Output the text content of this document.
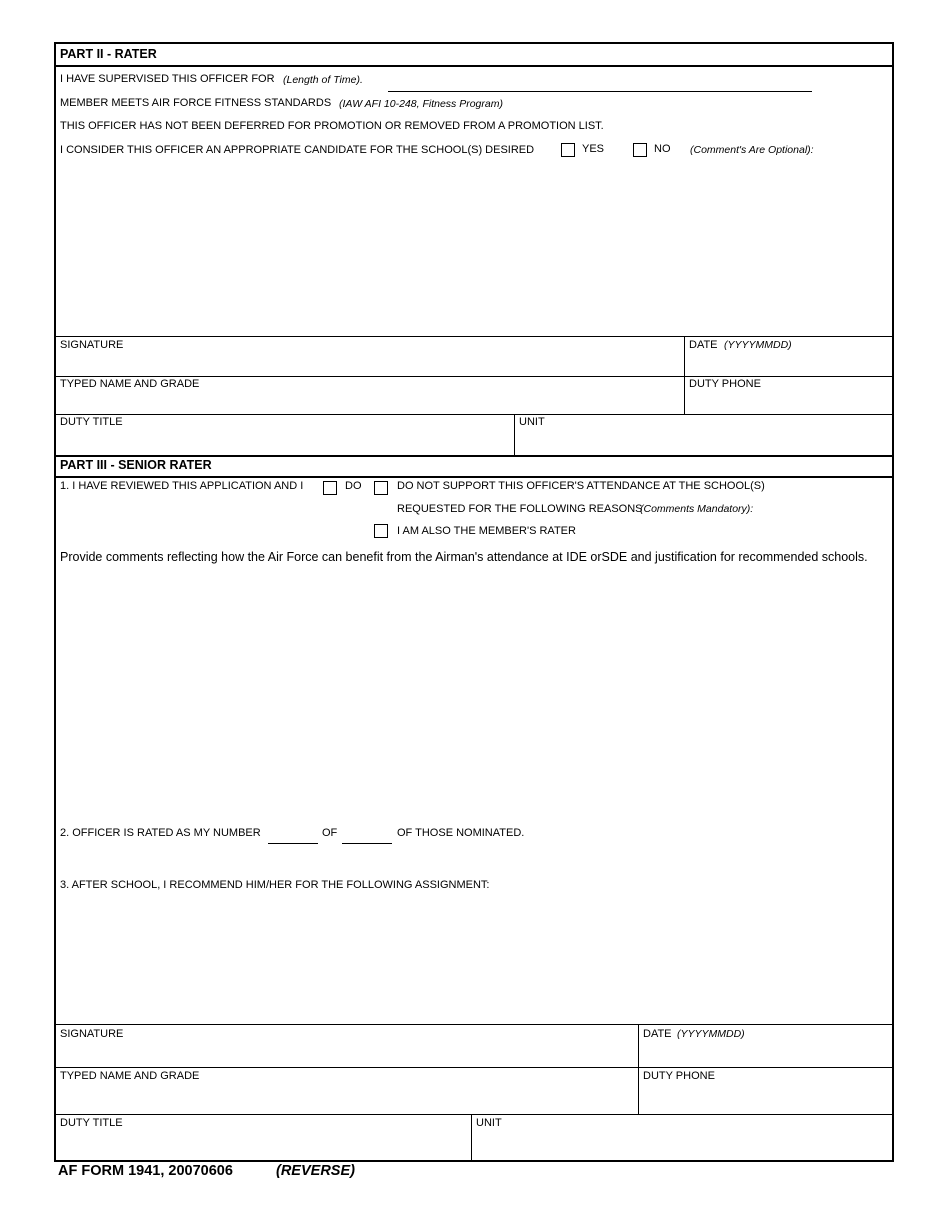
PART II - RATER
I HAVE SUPERVISED THIS OFFICER FOR (Length of Time).
MEMBER MEETS AIR FORCE FITNESS STANDARDS (IAW AFI 10-248, Fitness Program)
THIS OFFICER HAS NOT BEEN DEFERRED FOR PROMOTION OR REMOVED FROM A PROMOTION LIST.
I CONSIDER THIS OFFICER AN APPROPRIATE CANDIDATE FOR THE SCHOOL(S) DESIRED	YES	NO (Comment's Are Optional):
SIGNATURE	DATE (YYYYMMDD)
TYPED NAME AND GRADE	DUTY PHONE
DUTY TITLE	UNIT
PART III - SENIOR RATER
1. I HAVE REVIEWED THIS APPLICATION AND I	DO	DO NOT SUPPORT THIS OFFICER'S ATTENDANCE AT THE SCHOOL(S)
REQUESTED FOR THE FOLLOWING REASONS
(Comments Mandatory):
I AM ALSO THE MEMBER'S RATER
Provide comments reflecting how the Air Force can benefit from the Airman's attendance at IDE orSDE and justification for recommended schools.
2. OFFICER IS RATED AS MY NUMBER	OF	OF THOSE NOMINATED.
3. AFTER SCHOOL, I RECOMMEND HIM/HER FOR THE FOLLOWING ASSIGNMENT:
SIGNATURE	DATE (YYYYMMDD)
TYPED NAME AND GRADE	DUTY PHONE
DUTY TITLE	UNIT
AF FORM 1941, 20070606	(REVERSE)
